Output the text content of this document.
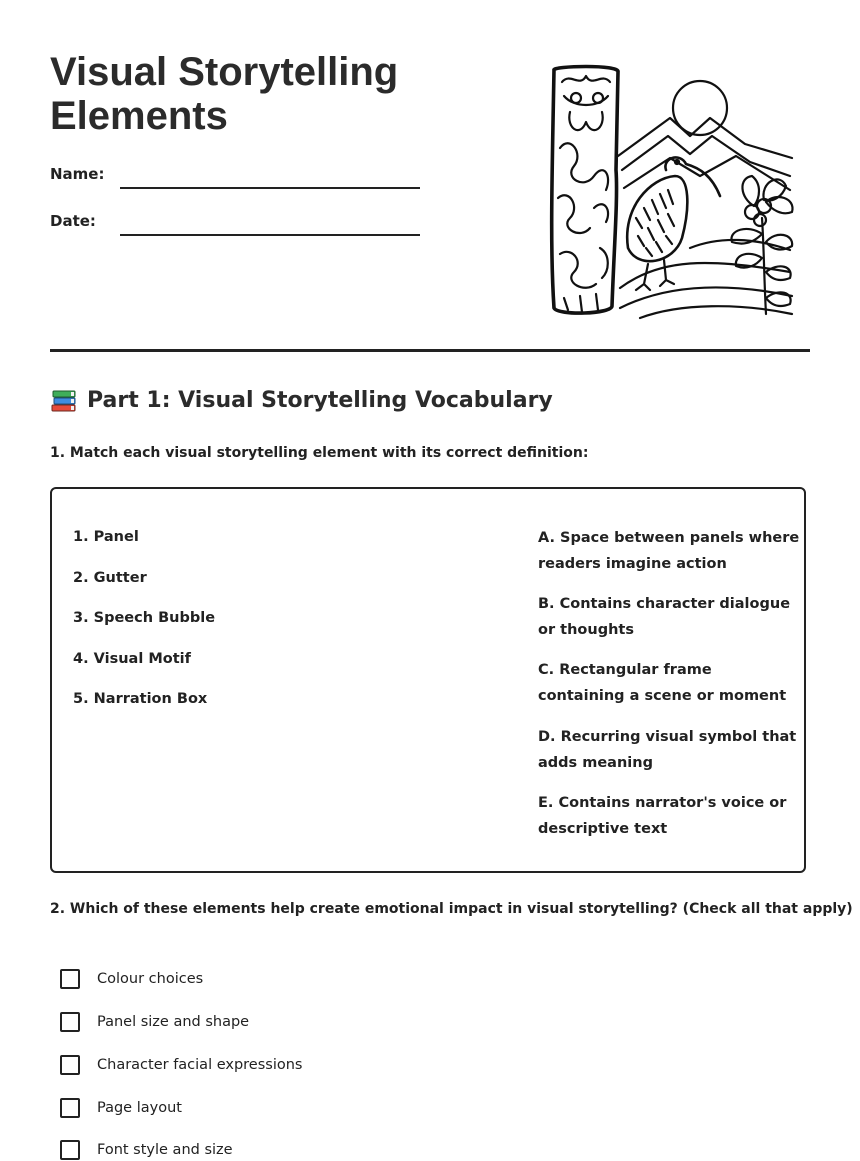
Visual Storytelling Elements
Name:
Date:
Part 1: Visual Storytelling Vocabulary

1. Match each visual storytelling element with its correct definition:

1. Panel
2. Gutter
3. Speech Bubble
4. Visual Motif
5. Narration Box
A. Space between panels where readers imagine action
B. Contains character dialogue or thoughts
C. Rectangular frame containing a scene or moment
D. Recurring visual symbol that adds meaning
E. Contains narrator's voice or descriptive text

2. Which of these elements help create emotional impact in visual storytelling? (Check all that apply)

Colour choices
Panel size and shape
Character facial expressions
Page layout
Font style and size
